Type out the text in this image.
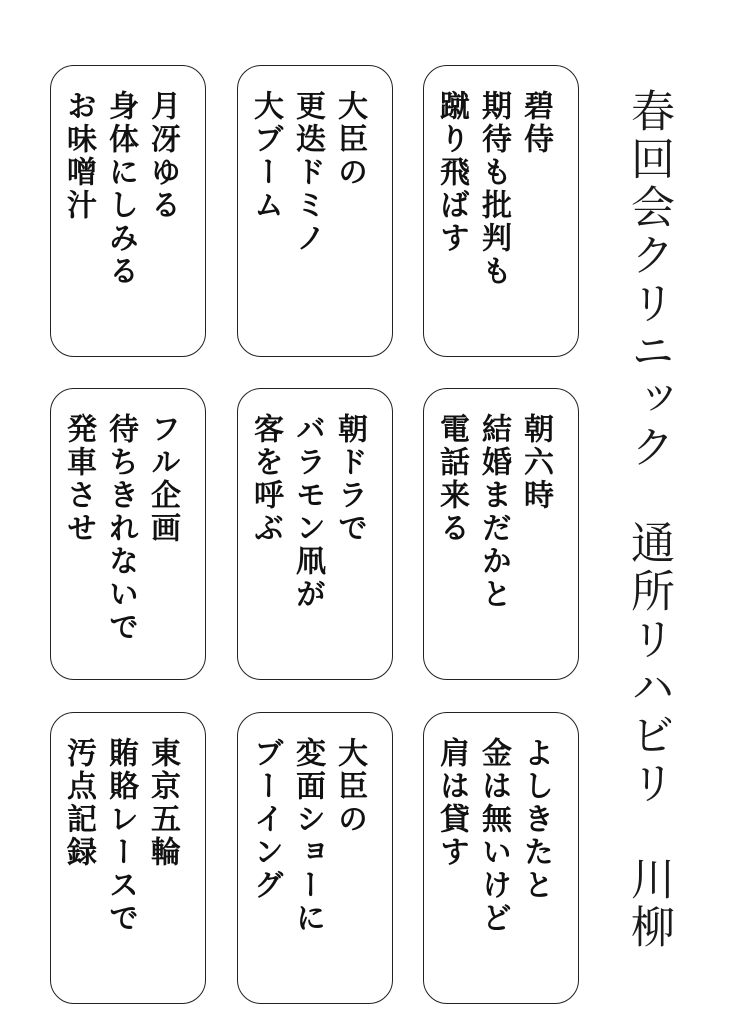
春回会クリニック　通所リハビリ　川柳
碧侍
期待も批判も
蹴り飛ばす
大臣の
更迭ドミノ
大ブーム
月冴ゆる
身体にしみる
お味噌汁
朝六時
結婚まだかと
電話来る
朝ドラで
バラモン凧が
客を呼ぶ
フル企画
待ちきれないで
発車させ
よしきたと
金は無いけど
肩は貸す
大臣の
変面ショーに
ブーイング
東京五輪
賄賂レースで
汚点記録
